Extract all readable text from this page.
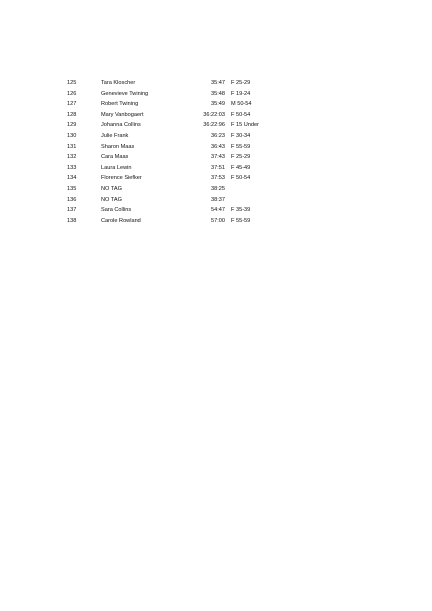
125	Tara Kloscher	35:47 F 25-29
126	Genevieve Twining	35:48 F 19-24
127	Robert Twining	35:49 M 50-54
128	Mary Vanbogaert	36:22:03 F 50-54
129	Johanna Collins	36:22:96 F 15 Under
130	Julie Frank	36:23 F 30-34
131	Sharon Maas	36:43 F 55-59
132	Cara Maas	37:43 F 25-29
133	Laura Lewin	37:51 F 45-49
134	Florence Siefker	37:53 F 50-54
135	NO TAG	38:25
136	NO TAG	38:37
137	Sara Collins	54:47 F 35-39
138	Carole Rowland	57:00 F 55-59
